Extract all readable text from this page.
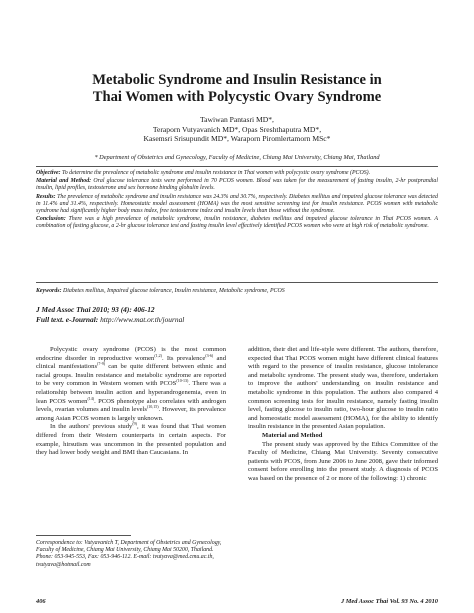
Metabolic Syndrome and Insulin Resistance in
Thai Women with Polycystic Ovary Syndrome
Tawiwan Pantasri MD*,
Teraporn Vutyavanich MD*, Opas Sreshthaputra MD*,
Kasemsri Srisupundit MD*, Waraporn Piromlertamorn MSc*
* Department of Obstetrics and Gynecology, Faculty of Medicine, Chiang Mai University, Chiang Mai, Thailand

Objective: To determine the prevalence of metabolic syndrome and insulin resistance in Thai women with polycystic ovary syndrome (PCOS).

Material and Method: Oral glucose tolerance tests were performed in 70 PCOS women. Blood was taken for the measurement of fasting insulin, 2-hr postprandial insulin, lipid profiles, testosterone and sex hormone binding globulin levels.

Results: The prevalence of metabolic syndrome and insulin resistance was 24.3% and 30.7%, respectively. Diabetes mellitus and impaired glucose tolerance was detected in 11.4% and 31.4%, respectively. Homeostatic model assessment (HOMA) was the most sensitive screening test for insulin resistance. PCOS women with metabolic syndrome had significantly higher body mass index, free testosterone index and insulin levels than those without the syndrome.

Conclusion: There was a high prevalence of metabolic syndrome, insulin resistance, diabetes mellitus and impaired glucose tolerance in Thai PCOS women. A combination of fasting glucose, a 2-hr glucose tolerance test and fasting insulin level effectively identified PCOS women who were at high risk of metabolic syndrome.

Keywords: Diabetes mellitus, Impaired glucose tolerance, Insulin resistance, Metabolic syndrome, PCOS
J Med Assoc Thai 2010; 93 (4): 406-12
Full text. e-Journal: http://www.mat.or.th/journal

Polycystic ovary syndrome (PCOS) is the most common endocrine disorder in reproductive women$^{(1,2)}$. Its prevalence$^{(3-6)}$ and clinical manifestations$^{(7-9)}$ can be quite different between ethnic and racial groups. Insulin resistance and metabolic syndrome are reported to be very common in Western women with PCOS$^{(10-13)}$. There was a relationship between insulin action and hyperandrogenemia, even in lean PCOS women$^{(14)}$. PCOS phenotype also correlates with androgen levels, ovarian volumes and insulin levels$^{(10,15)}$. However, its prevalence among Asian PCOS women is largely unknown.

In the authors' previous study$^{(9)}$, it was found that Thai women differed from their Western counterparts in certain aspects. For example, hirsutism was uncommon in the presented population and they had lower body weight and BMI than Caucasians. In

addition, their diet and life-style were different. The authors, therefore, expected that Thai PCOS women might have different clinical features with regard to the presence of insulin resistance, glucose intolerance and metabolic syndrome. The present study was, therefore, undertaken to improve the authors' understanding on insulin resistance and metabolic syndrome in this population. The authors also compared 4 common screening tests for insulin resistance, namely fasting insulin level, fasting glucose to insulin ratio, two-hour glucose to insulin ratio and homeostatic model assessment (HOMA), for the ability to identify insulin resistance in the presented Asian population.

Material and Method

The present study was approved by the Ethics Committee of the Faculty of Medicine, Chiang Mai University. Seventy consecutive patients with PCOS, from June 2006 to June 2008, gave their informed consent before enrolling into the present study. A diagnosis of PCOS was based on the presence of 2 or more of the following: 1) chronic

Correspondence to: Vutyavanich T, Department of Obstetrics and Gynecology, Faculty of Medicine, Chiang Mai University, Chiang Mai 50200, Thailand. Phone: 053-945-553, Fax: 053-946-112. E-mail: tvutyava@med.cmu.ac.th, tvutyava@hotmail.com
406	J Med Assoc Thai Vol. 93 No. 4 2010
